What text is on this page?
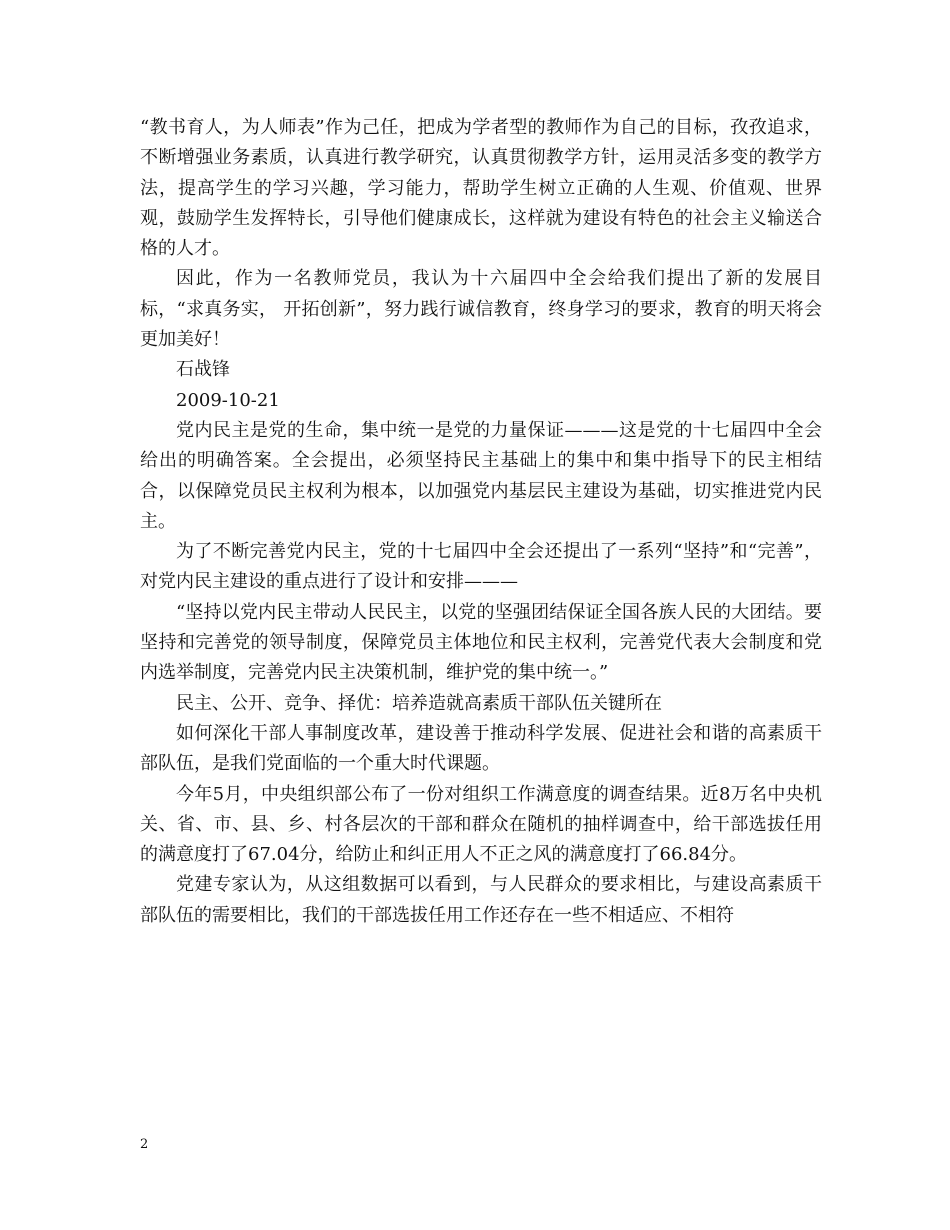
“教书育人，为人师表”作为己任，把成为学者型的教师作为自己的目标，孜孜追求，不断增强业务素质，认真进行教学研究，认真贯彻教学方针，运用灵活多变的教学方法，提高学生的学习兴趣，学习能力，帮助学生树立正确的人生观、价值观、世界观，鼓励学生发挥特长，引导他们健康成长，这样就为建设有特色的社会主义输送合格的人才。

因此，作为一名教师党员，我认为十六届四中全会给我们提出了新的发展目标，“求真务实， 开拓创新”，努力践行诚信教育，终身学习的要求，教育的明天将会更加美好！

石战锋

2009-10-21

党内民主是党的生命，集中统一是党的力量保证———这是党的十七届四中全会给出的明确答案。全会提出，必须坚持民主基础上的集中和集中指导下的民主相结合，以保障党员民主权利为根本，以加强党内基层民主建设为基础，切实推进党内民主。

为了不断完善党内民主，党的十七届四中全会还提出了一系列“坚持”和“完善”，对党内民主建设的重点进行了设计和安排———

“坚持以党内民主带动人民民主，以党的坚强团结保证全国各族人民的大团结。要坚持和完善党的领导制度，保障党员主体地位和民主权利，完善党代表大会制度和党内选举制度，完善党内民主决策机制，维护党的集中统一。”

民主、公开、竞争、择优：培养造就高素质干部队伍关键所在

如何深化干部人事制度改革，建设善于推动科学发展、促进社会和谐的高素质干部队伍，是我们党面临的一个重大时代课题。

今年5月，中央组织部公布了一份对组织工作满意度的调查结果。近8万名中央机关、省、市、县、乡、村各层次的干部和群众在随机的抽样调查中，给干部选拔任用的满意度打了67.04分，给防止和纠正用人不正之风的满意度打了66.84分。

党建专家认为，从这组数据可以看到，与人民群众的要求相比，与建设高素质干部队伍的需要相比，我们的干部选拔任用工作还存在一些不相适应、不相符

2
